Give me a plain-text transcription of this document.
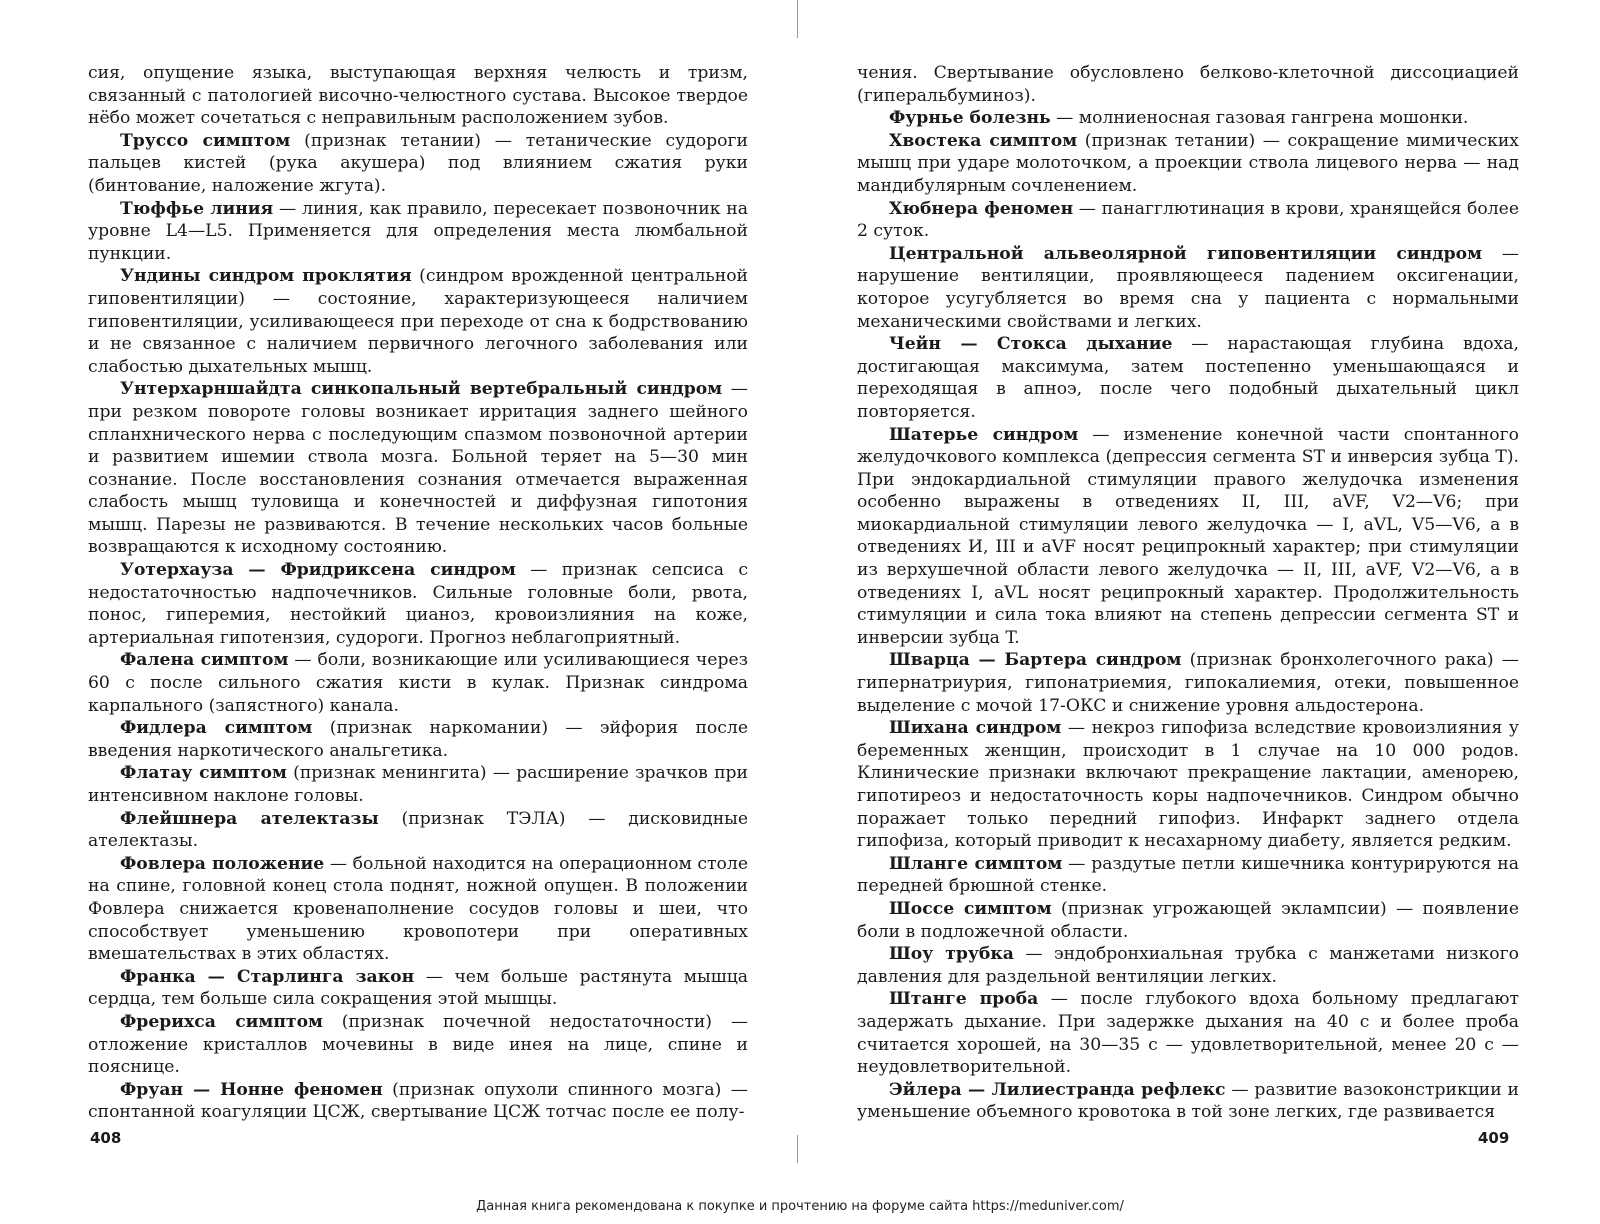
сия, опущение языка, выступающая верхняя челюсть и тризм, связанный с патологией височно-челюстного сустава. Высокое твердое нёбо может сочетаться с неправильным расположением зубов.

Труссо симптом (признак тетании) — тетанические судороги пальцев кистей (рука акушера) под влиянием сжатия руки (бинтование, наложение жгута).

Тюффье линия — линия, как правило, пересекает позвоночник на уровне L4—L5. Применяется для определения места люмбальной пункции.

Ундины синдром проклятия (синдром врожденной центральной гиповентиляции) — состояние, характеризующееся наличием гиповентиляции, усиливающееся при переходе от сна к бодрствованию и не связанное с наличием первичного легочного заболевания или слабостью дыхательных мышц.

Унтерхарншайдта синкопальный вертебральный синдром — при резком повороте головы возникает ирритация заднего шейного спланхнического нерва с последующим спазмом позвоночной артерии и развитием ишемии ствола мозга. Больной теряет на 5—30 мин сознание. После восстановления сознания отмечается выраженная слабость мышц туловища и конечностей и диффузная гипотония мышц. Парезы не развиваются. В течение нескольких часов больные возвращаются к исходному состоянию.

Уотерхауза — Фридриксена синдром — признак сепсиса с недостаточностью надпочечников. Сильные головные боли, рвота, понос, гиперемия, нестойкий цианоз, кровоизлияния на коже, артериальная гипотензия, судороги. Прогноз неблагоприятный.

Фалена симптом — боли, возникающие или усиливающиеся через 60 с после сильного сжатия кисти в кулак. Признак синдрома карпального (запястного) канала.

Фидлера симптом (признак наркомании) — эйфория после введения наркотического анальгетика.

Флатау симптом (признак менингита) — расширение зрачков при интенсивном наклоне головы.

Флейшнера ателектазы (признак ТЭЛА) — дисковидные ателектазы.

Фовлера положение — больной находится на операционном столе на спине, головной конец стола поднят, ножной опущен. В положении Фовлера снижается кровенаполнение сосудов головы и шеи, что способствует уменьшению кровопотери при оперативных вмешательствах в этих областях.

Франка — Старлинга закон — чем больше растянута мышца сердца, тем больше сила сокращения этой мышцы.

Фрерихса симптом (признак почечной недостаточности) — отложение кристаллов мочевины в виде инея на лице, спине и пояснице.

Фруан — Нонне феномен (признак опухоли спинного мозга) — спонтанной коагуляции ЦСЖ, свертывание ЦСЖ тотчас после ее полу-

408

чения. Свертывание обусловлено белково-клеточной диссоциацией (гиперальбуминоз).

Фурнье болезнь — молниеносная газовая гангрена мошонки.

Хвостека симптом (признак тетании) — сокращение мимических мышц при ударе молоточком, а проекции ствола лицевого нерва — над мандибулярным сочленением.

Хюбнера феномен — панагглютинация в крови, хранящейся более 2 суток.

Центральной альвеолярной гиповентиляции синдром — нарушение вентиляции, проявляющееся падением оксигенации, которое усугубляется во время сна у пациента с нормальными механическими свойствами и легких.

Чейн — Стокса дыхание — нарастающая глубина вдоха, достигающая максимума, затем постепенно уменьшающаяся и переходящая в апноэ, после чего подобный дыхательный цикл повторяется.

Шатерье синдром — изменение конечной части спонтанного желудочкового комплекса (депрессия сегмента ST и инверсия зубца T). При эндокардиальной стимуляции правого желудочка изменения особенно выражены в отведениях II, III, aVF, V2—V6; при миокардиальной стимуляции левого желудочка — I, aVL, V5—V6, а в отведениях И, III и aVF носят реципрокный характер; при стимуляции из верхушечной области левого желудочка — II, III, aVF, V2—V6, а в отведениях I, aVL носят реципрокный характер. Продолжительность стимуляции и сила тока влияют на степень депрессии сегмента ST и инверсии зубца T.

Шварца — Бартера синдром (признак бронхолегочного рака) — гипернатриурия, гипонатриемия, гипокалиемия, отеки, повышенное выделение с мочой 17-ОКС и снижение уровня альдостерона.

Шихана синдром — некроз гипофиза вследствие кровоизлияния у беременных женщин, происходит в 1 случае на 10 000 родов. Клинические признаки включают прекращение лактации, аменорею, гипотиреоз и недостаточность коры надпочечников. Синдром обычно поражает только передний гипофиз. Инфаркт заднего отдела гипофиза, который приводит к несахарному диабету, является редким.

Шланге симптом — раздутые петли кишечника контурируются на передней брюшной стенке.

Шоссе симптом (признак угрожающей эклампсии) — появление боли в подложечной области.

Шоу трубка — эндобронхиальная трубка с манжетами низкого давления для раздельной вентиляции легких.

Штанге проба — после глубокого вдоха больному предлагают задержать дыхание. При задержке дыхания на 40 с и более проба считается хорошей, на 30—35 с — удовлетворительной, менее 20 с — неудовлетворительной.

Эйлера — Лилиестранда рефлекс — развитие вазоконстрикции и уменьшение объемного кровотока в той зоне легких, где развивается

409
Данная книга рекомендована к покупке и прочтению на форуме сайта https://meduniver.com/
